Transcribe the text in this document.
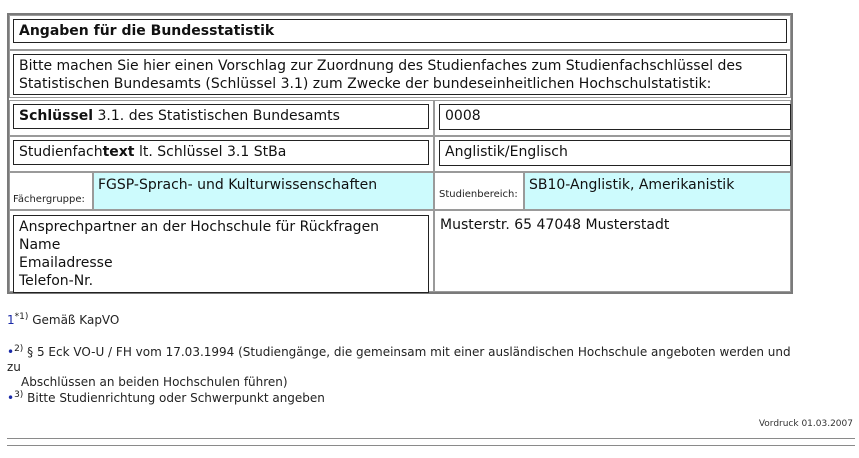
Angaben für die Bundesstatistik
Bitte machen Sie hier einen Vorschlag zur Zuordnung des Studienfaches zum Studienfachschlüssel des Statistischen Bundesamts (Schlüssel 3.1) zum Zwecke der bundeseinheitlichen Hochschulstatistik:
Schlüssel 3.1. des Statistischen Bundesamts	0008
Studienfachtext lt. Schlüssel 3.1 StBa	Anglistik/Englisch
Fächergruppe:
FGSP-Sprach- und Kulturwissenschaften
Studienbereich:
SB10-Anglistik, Amerikanistik
Ansprechpartner an der Hochschule für Rückfragen
Name
Emailadresse
Telefon-Nr.
Musterstr. 65 47048 Musterstadt
1$^{*1)}$ Gemäß KapVO
•$^{2)}$ § 5 Eck VO-U / FH vom 17.03.1994 (Studiengänge, die gemeinsam mit einer ausländischen Hochschule angeboten werden und zu
Abschlüssen an beiden Hochschulen führen)
•$^{3)}$ Bitte Studienrichtung oder Schwerpunkt angeben
Vordruck 01.03.2007
